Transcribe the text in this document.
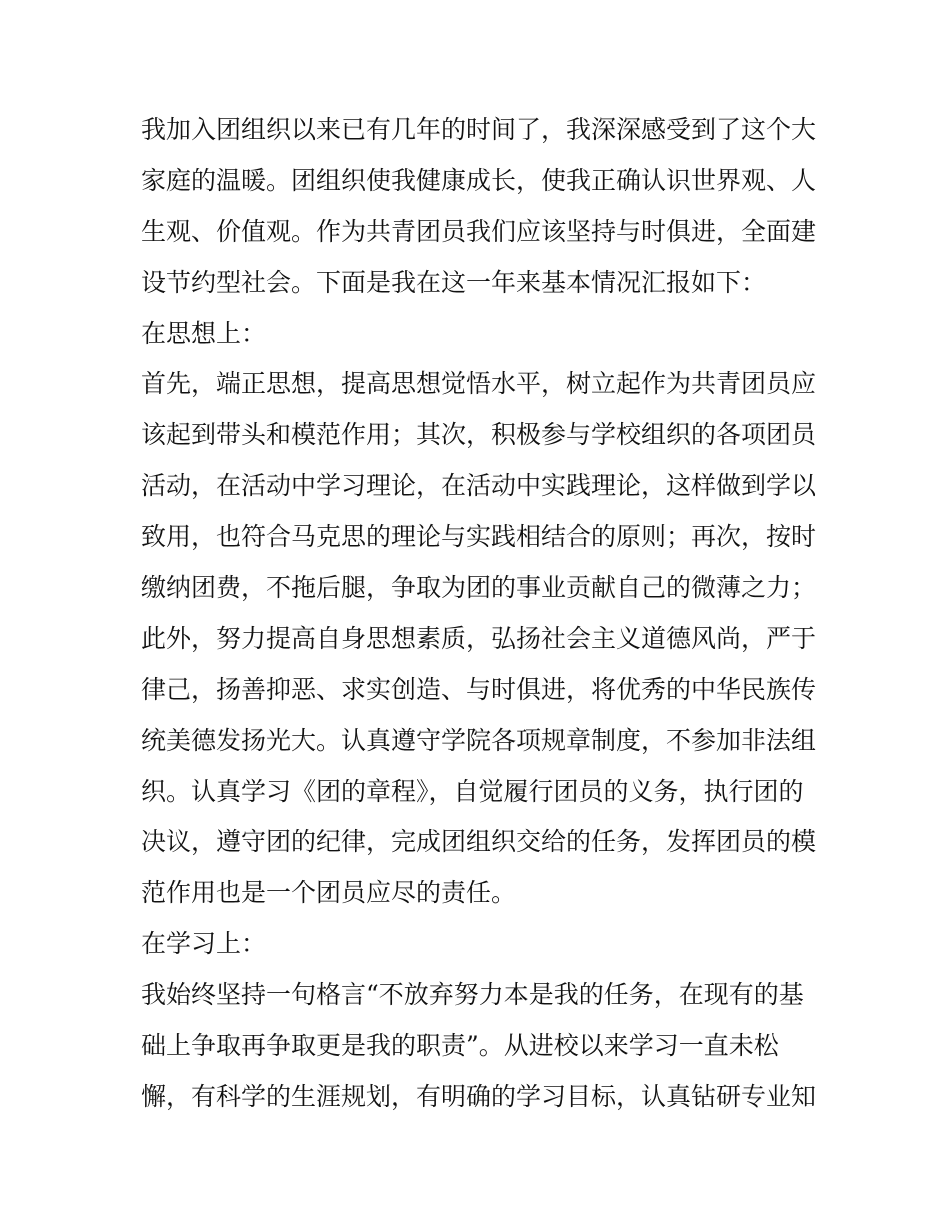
我加入团组织以来已有几年的时间了，我深深感受到了这个大
家庭的温暖。团组织使我健康成长，使我正确认识世界观、人
生观、价值观。作为共青团员我们应该坚持与时俱进，全面建
设节约型社会。下面是我在这一年来基本情况汇报如下：
在思想上：
首先，端正思想，提高思想觉悟水平，树立起作为共青团员应
该起到带头和模范作用；其次，积极参与学校组织的各项团员
活动，在活动中学习理论，在活动中实践理论，这样做到学以
致用，也符合马克思的理论与实践相结合的原则；再次，按时
缴纳团费，不拖后腿，争取为团的事业贡献自己的微薄之力；
此外，努力提高自身思想素质，弘扬社会主义道德风尚，严于
律己，扬善抑恶、求实创造、与时俱进，将优秀的中华民族传
统美德发扬光大。认真遵守学院各项规章制度，不参加非法组
织。认真学习《团的章程》，自觉履行团员的义务，执行团的
决议，遵守团的纪律，完成团组织交给的任务，发挥团员的模
范作用也是一个团员应尽的责任。
在学习上：
我始终坚持一句格言“不放弃努力本是我的任务，在现有的基
础上争取再争取更是我的职责”。从进校以来学习一直未松
懈，有科学的生涯规划，有明确的学习目标，认真钻研专业知
